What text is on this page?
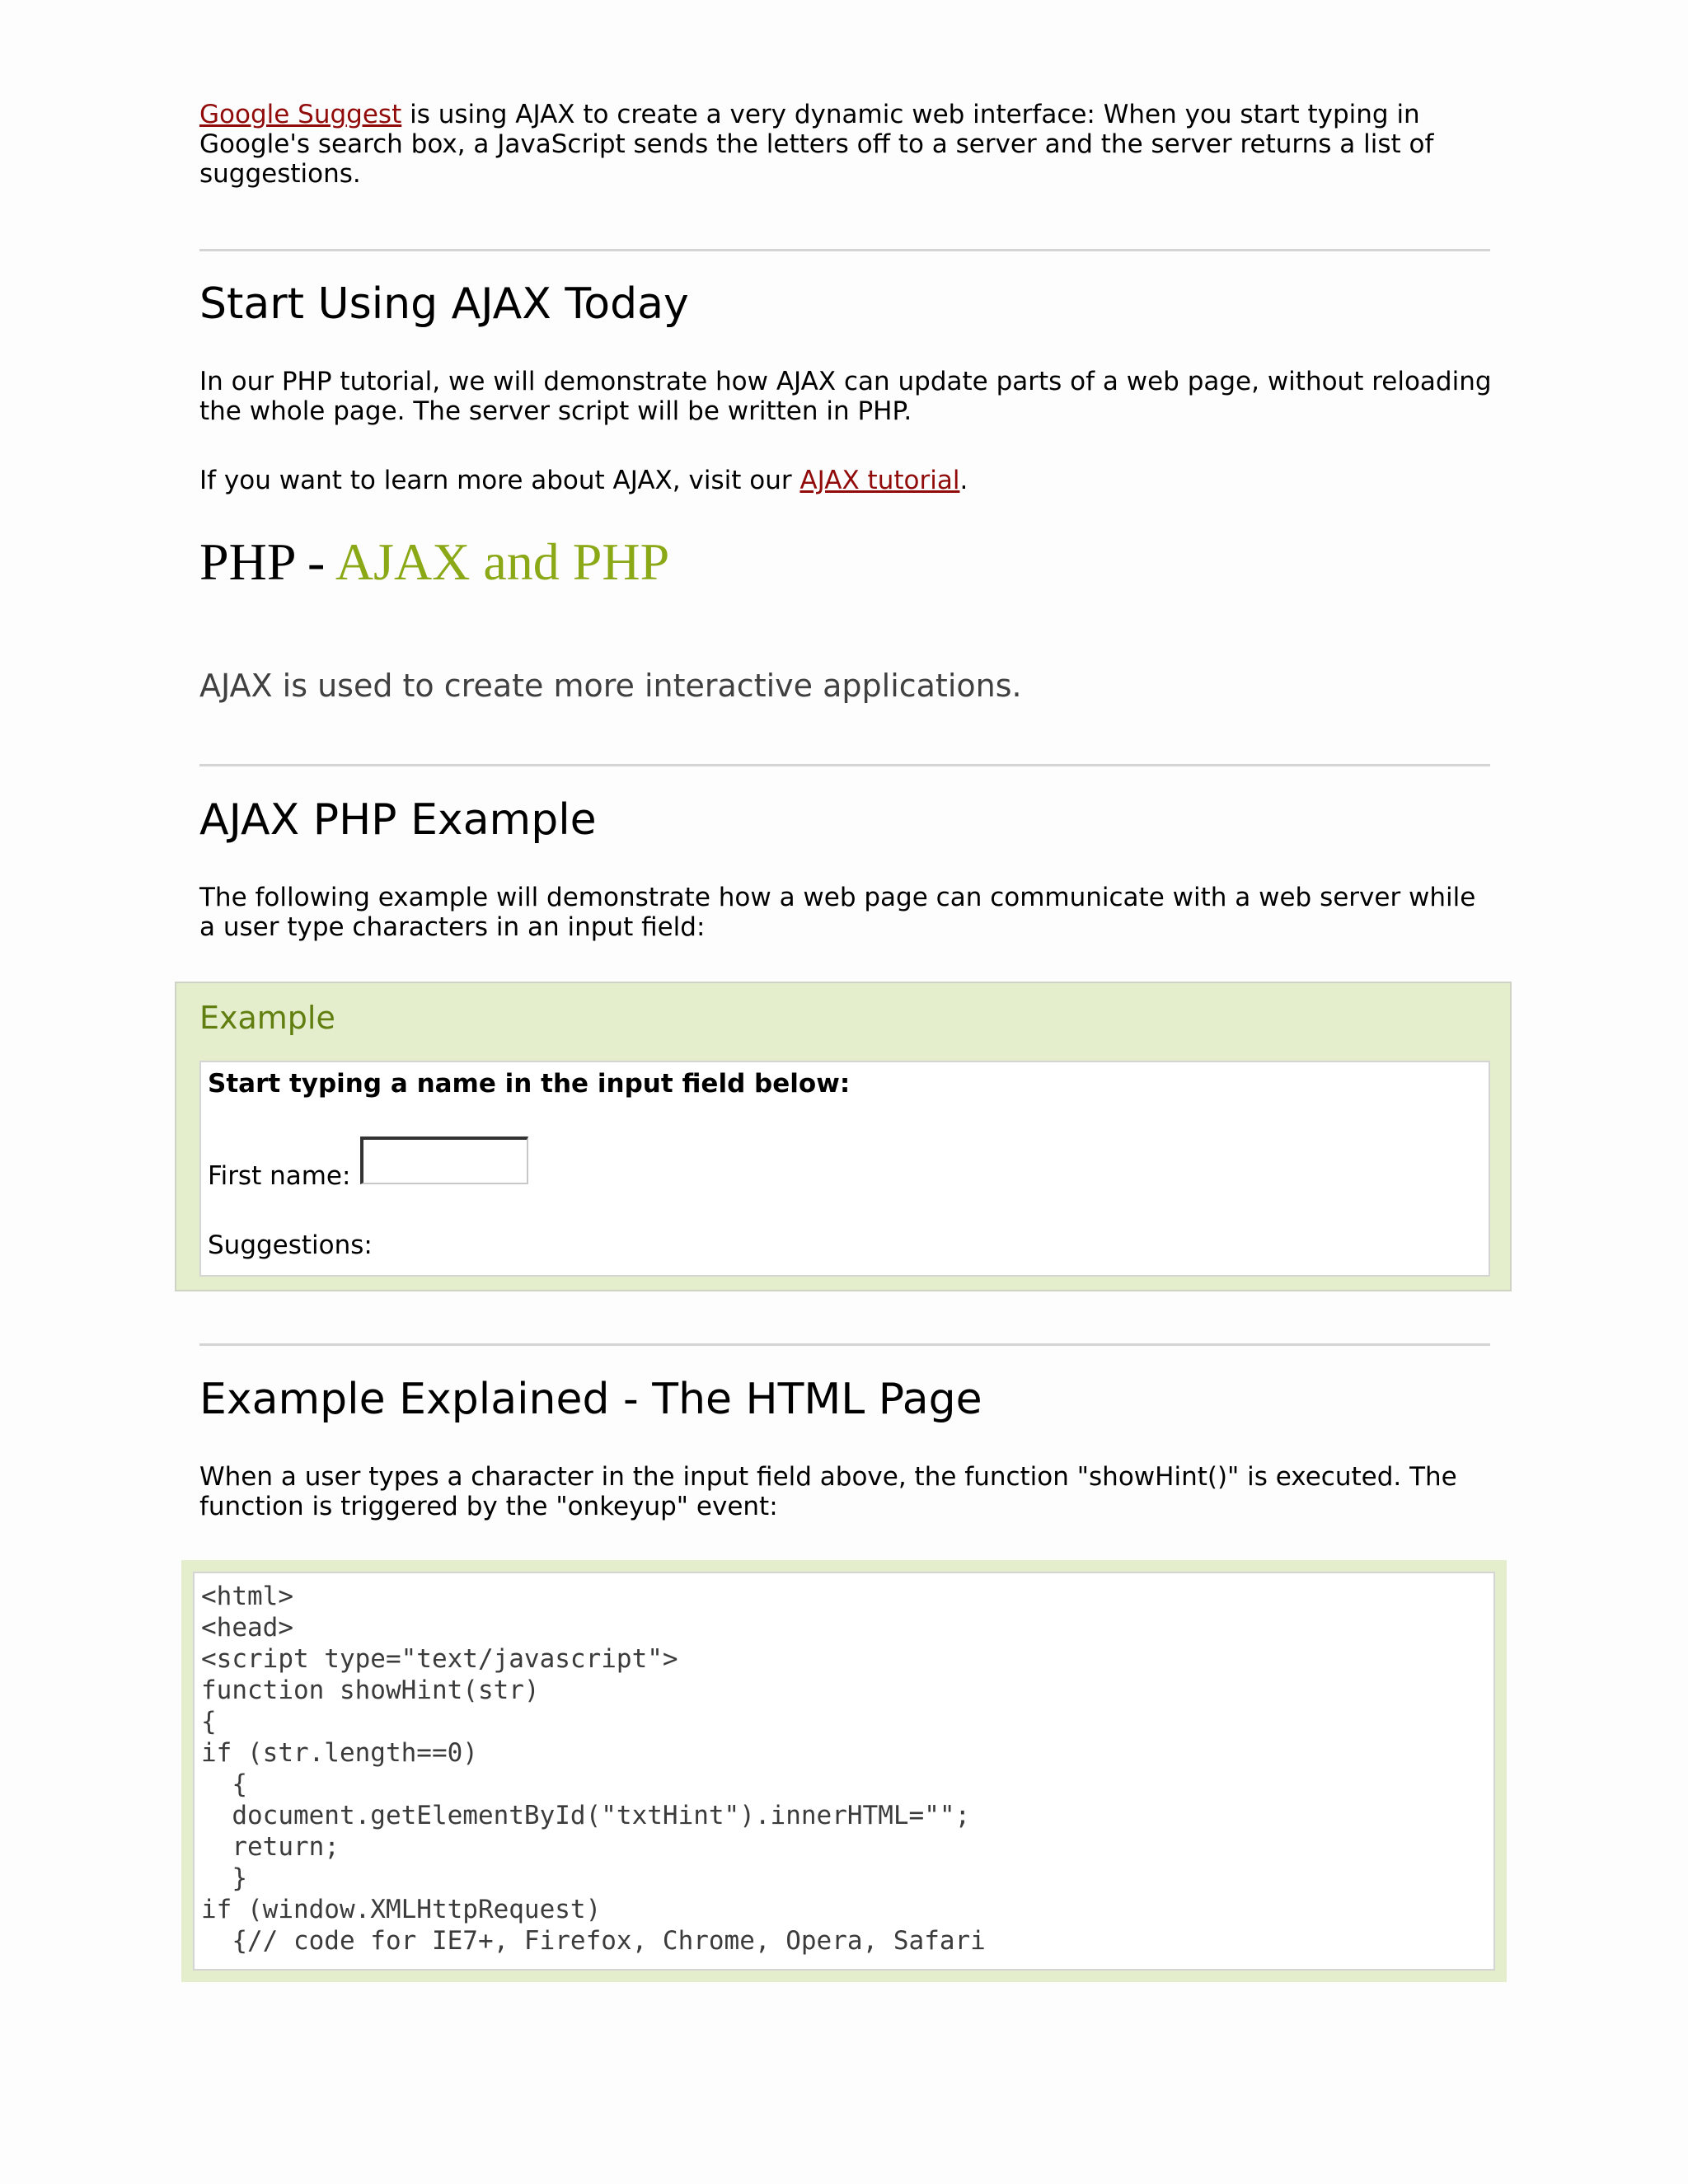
Google Suggest is using AJAX to create a very dynamic web interface: When you start typing in Google's search box, a JavaScript sends the letters off to a server and the server returns a list of suggestions.

Start Using AJAX Today

In our PHP tutorial, we will demonstrate how AJAX can update parts of a web page, without reloading the whole page. The server script will be written in PHP.

If you want to learn more about AJAX, visit our AJAX tutorial.

PHP - AJAX and PHP

AJAX is used to create more interactive applications.

AJAX PHP Example

The following example will demonstrate how a web page can communicate with a web server while a user type characters in an input field:

Example

Start typing a name in the input field below:

First name:

Suggestions:

Example Explained - The HTML Page

When a user types a character in the input field above, the function "showHint()" is executed. The function is triggered by the "onkeyup" event:

<html>
<head>
<script type="text/javascript">
function showHint(str)
{
if (str.length==0)
{
document.getElementById("txtHint").innerHTML="";
return;
}
if (window.XMLHttpRequest)
{// code for IE7+, Firefox, Chrome, Opera, Safari
